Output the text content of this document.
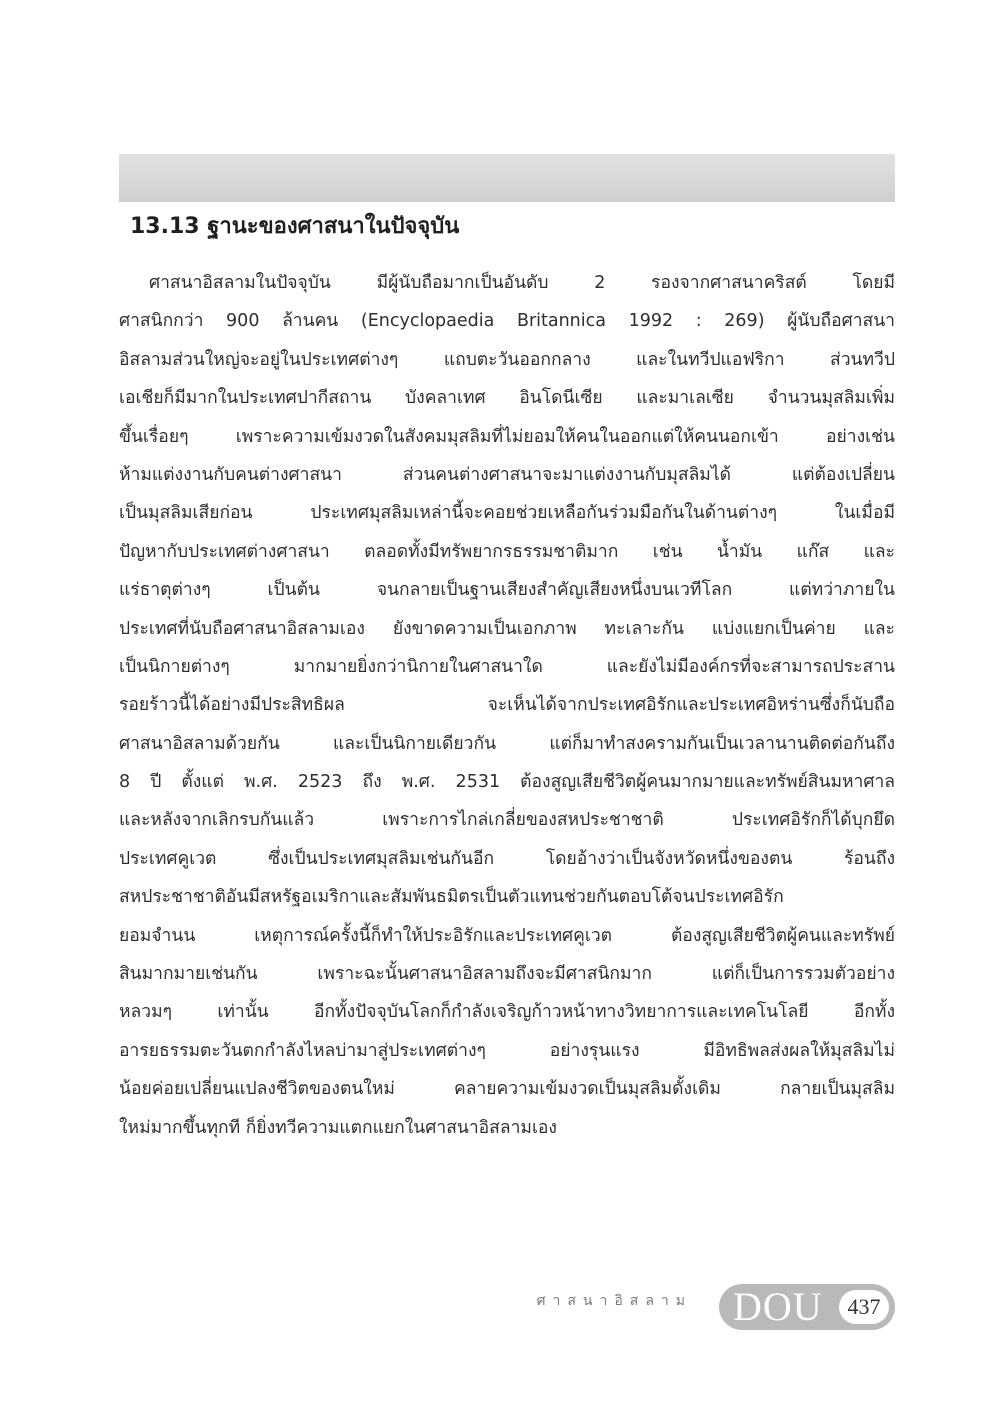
13.13 ฐานะของศาสนาในปัจจุบัน
ศาสนาอิสลามในปัจจุบัน มีผู้นับถือมากเป็นอันดับ 2 รองจากศาสนาคริสต์ โดยมี
ศาสนิกกว่า 900 ล้านคน (Encyclopaedia Britannica 1992 : 269) ผู้นับถือศาสนา
อิสลามส่วนใหญ่จะอยู่ในประเทศต่างๆ แถบตะวันออกกลาง และในทวีปแอฟริกา ส่วนทวีป
เอเชียก็มีมากในประเทศปากีสถาน บังคลาเทศ อินโดนีเซีย และมาเลเซีย จำนวนมุสลิมเพิ่ม
ขึ้นเรื่อยๆ เพราะความเข้มงวดในสังคมมุสลิมที่ไม่ยอมให้คนในออกแต่ให้คนนอกเข้า อย่างเช่น
ห้ามแต่งงานกับคนต่างศาสนา ส่วนคนต่างศาสนาจะมาแต่งงานกับมุสลิมได้ แต่ต้องเปลี่ยน
เป็นมุสลิมเสียก่อน ประเทศมุสลิมเหล่านี้จะคอยช่วยเหลือกันร่วมมือกันในด้านต่างๆ ในเมื่อมี
ปัญหากับประเทศต่างศาสนา ตลอดทั้งมีทรัพยากรธรรมชาติมาก เช่น น้ำมัน แก๊ส และ
แร่ธาตุต่างๆ เป็นต้น จนกลายเป็นฐานเสียงสำคัญเสียงหนึ่งบนเวทีโลก แต่ทว่าภายใน
ประเทศที่นับถือศาสนาอิสลามเอง ยังขาดความเป็นเอกภาพ ทะเลาะกัน แบ่งแยกเป็นค่าย และ
เป็นนิกายต่างๆ มากมายยิ่งกว่านิกายในศาสนาใด และยังไม่มีองค์กรที่จะสามารถประสาน
รอยร้าวนี้ได้อย่างมีประสิทธิผล จะเห็นได้จากประเทศอิรักและประเทศอิหร่านซึ่งก็นับถือ
ศาสนาอิสลามด้วยกัน และเป็นนิกายเดียวกัน แต่ก็มาทำสงครามกันเป็นเวลานานติดต่อกันถึง
8 ปี ตั้งแต่ พ.ศ. 2523 ถึง พ.ศ. 2531 ต้องสูญเสียชีวิตผู้คนมากมายและทรัพย์สินมหาศาล
และหลังจากเลิกรบกันแล้ว เพราะการไกล่เกลี่ยของสหประชาชาติ ประเทศอิรักก็ได้บุกยึด
ประเทศคูเวต ซึ่งเป็นประเทศมุสลิมเช่นกันอีก โดยอ้างว่าเป็นจังหวัดหนึ่งของตน ร้อนถึง
สหประชาชาติอันมีสหรัฐอเมริกาและสัมพันธมิตรเป็นตัวแทนช่วยกันตอบโต้จนประเทศอิรัก
ยอมจำนน เหตุการณ์ครั้งนี้ก็ทำให้ประอิรักและประเทศคูเวต ต้องสูญเสียชีวิตผู้คนและทรัพย์
สินมากมายเช่นกัน เพราะฉะนั้นศาสนาอิสลามถึงจะมีศาสนิกมาก แต่ก็เป็นการรวมตัวอย่าง
หลวมๆ เท่านั้น อีกทั้งปัจจุบันโลกก็กำลังเจริญก้าวหน้าทางวิทยาการและเทคโนโลยี อีกทั้ง
อารยธรรมตะวันตกกำลังไหลบ่ามาสู่ประเทศต่างๆ อย่างรุนแรง มีอิทธิพลส่งผลให้มุสลิมไม่
น้อยค่อยเปลี่ยนแปลงชีวิตของตนใหม่ คลายความเข้มงวดเป็นมุสลิมดั้งเดิม กลายเป็นมุสลิม
ใหม่มากขึ้นทุกที ก็ยิ่งทวีความแตกแยกในศาสนาอิสลามเอง
ศาสนาอิสลาม DOU	437
